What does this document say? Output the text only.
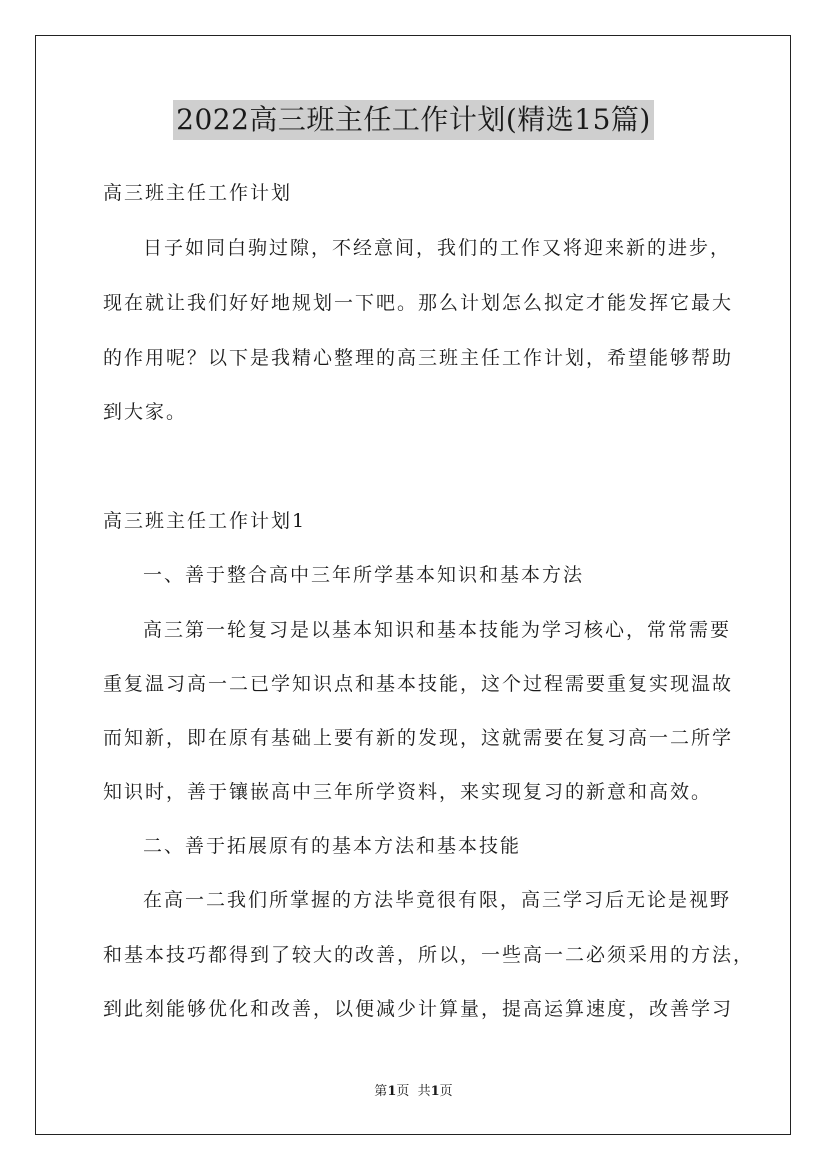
2022高三班主任工作计划(精选15篇)
高三班主任工作计划
日子如同白驹过隙，不经意间，我们的工作又将迎来新的进步，
现在就让我们好好地规划一下吧。那么计划怎么拟定才能发挥它最大
的作用呢？以下是我精心整理的高三班主任工作计划，希望能够帮助
到大家。
高三班主任工作计划1
一、善于整合高中三年所学基本知识和基本方法
高三第一轮复习是以基本知识和基本技能为学习核心，常常需要
重复温习高一二已学知识点和基本技能，这个过程需要重复实现温故
而知新，即在原有基础上要有新的发现，这就需要在复习高一二所学
知识时，善于镶嵌高中三年所学资料，来实现复习的新意和高效。
二、善于拓展原有的基本方法和基本技能
在高一二我们所掌握的方法毕竟很有限，高三学习后无论是视野
和基本技巧都得到了较大的改善，所以，一些高一二必须采用的方法，
到此刻能够优化和改善，以便减少计算量，提高运算速度，改善学习
第1页  共1页
